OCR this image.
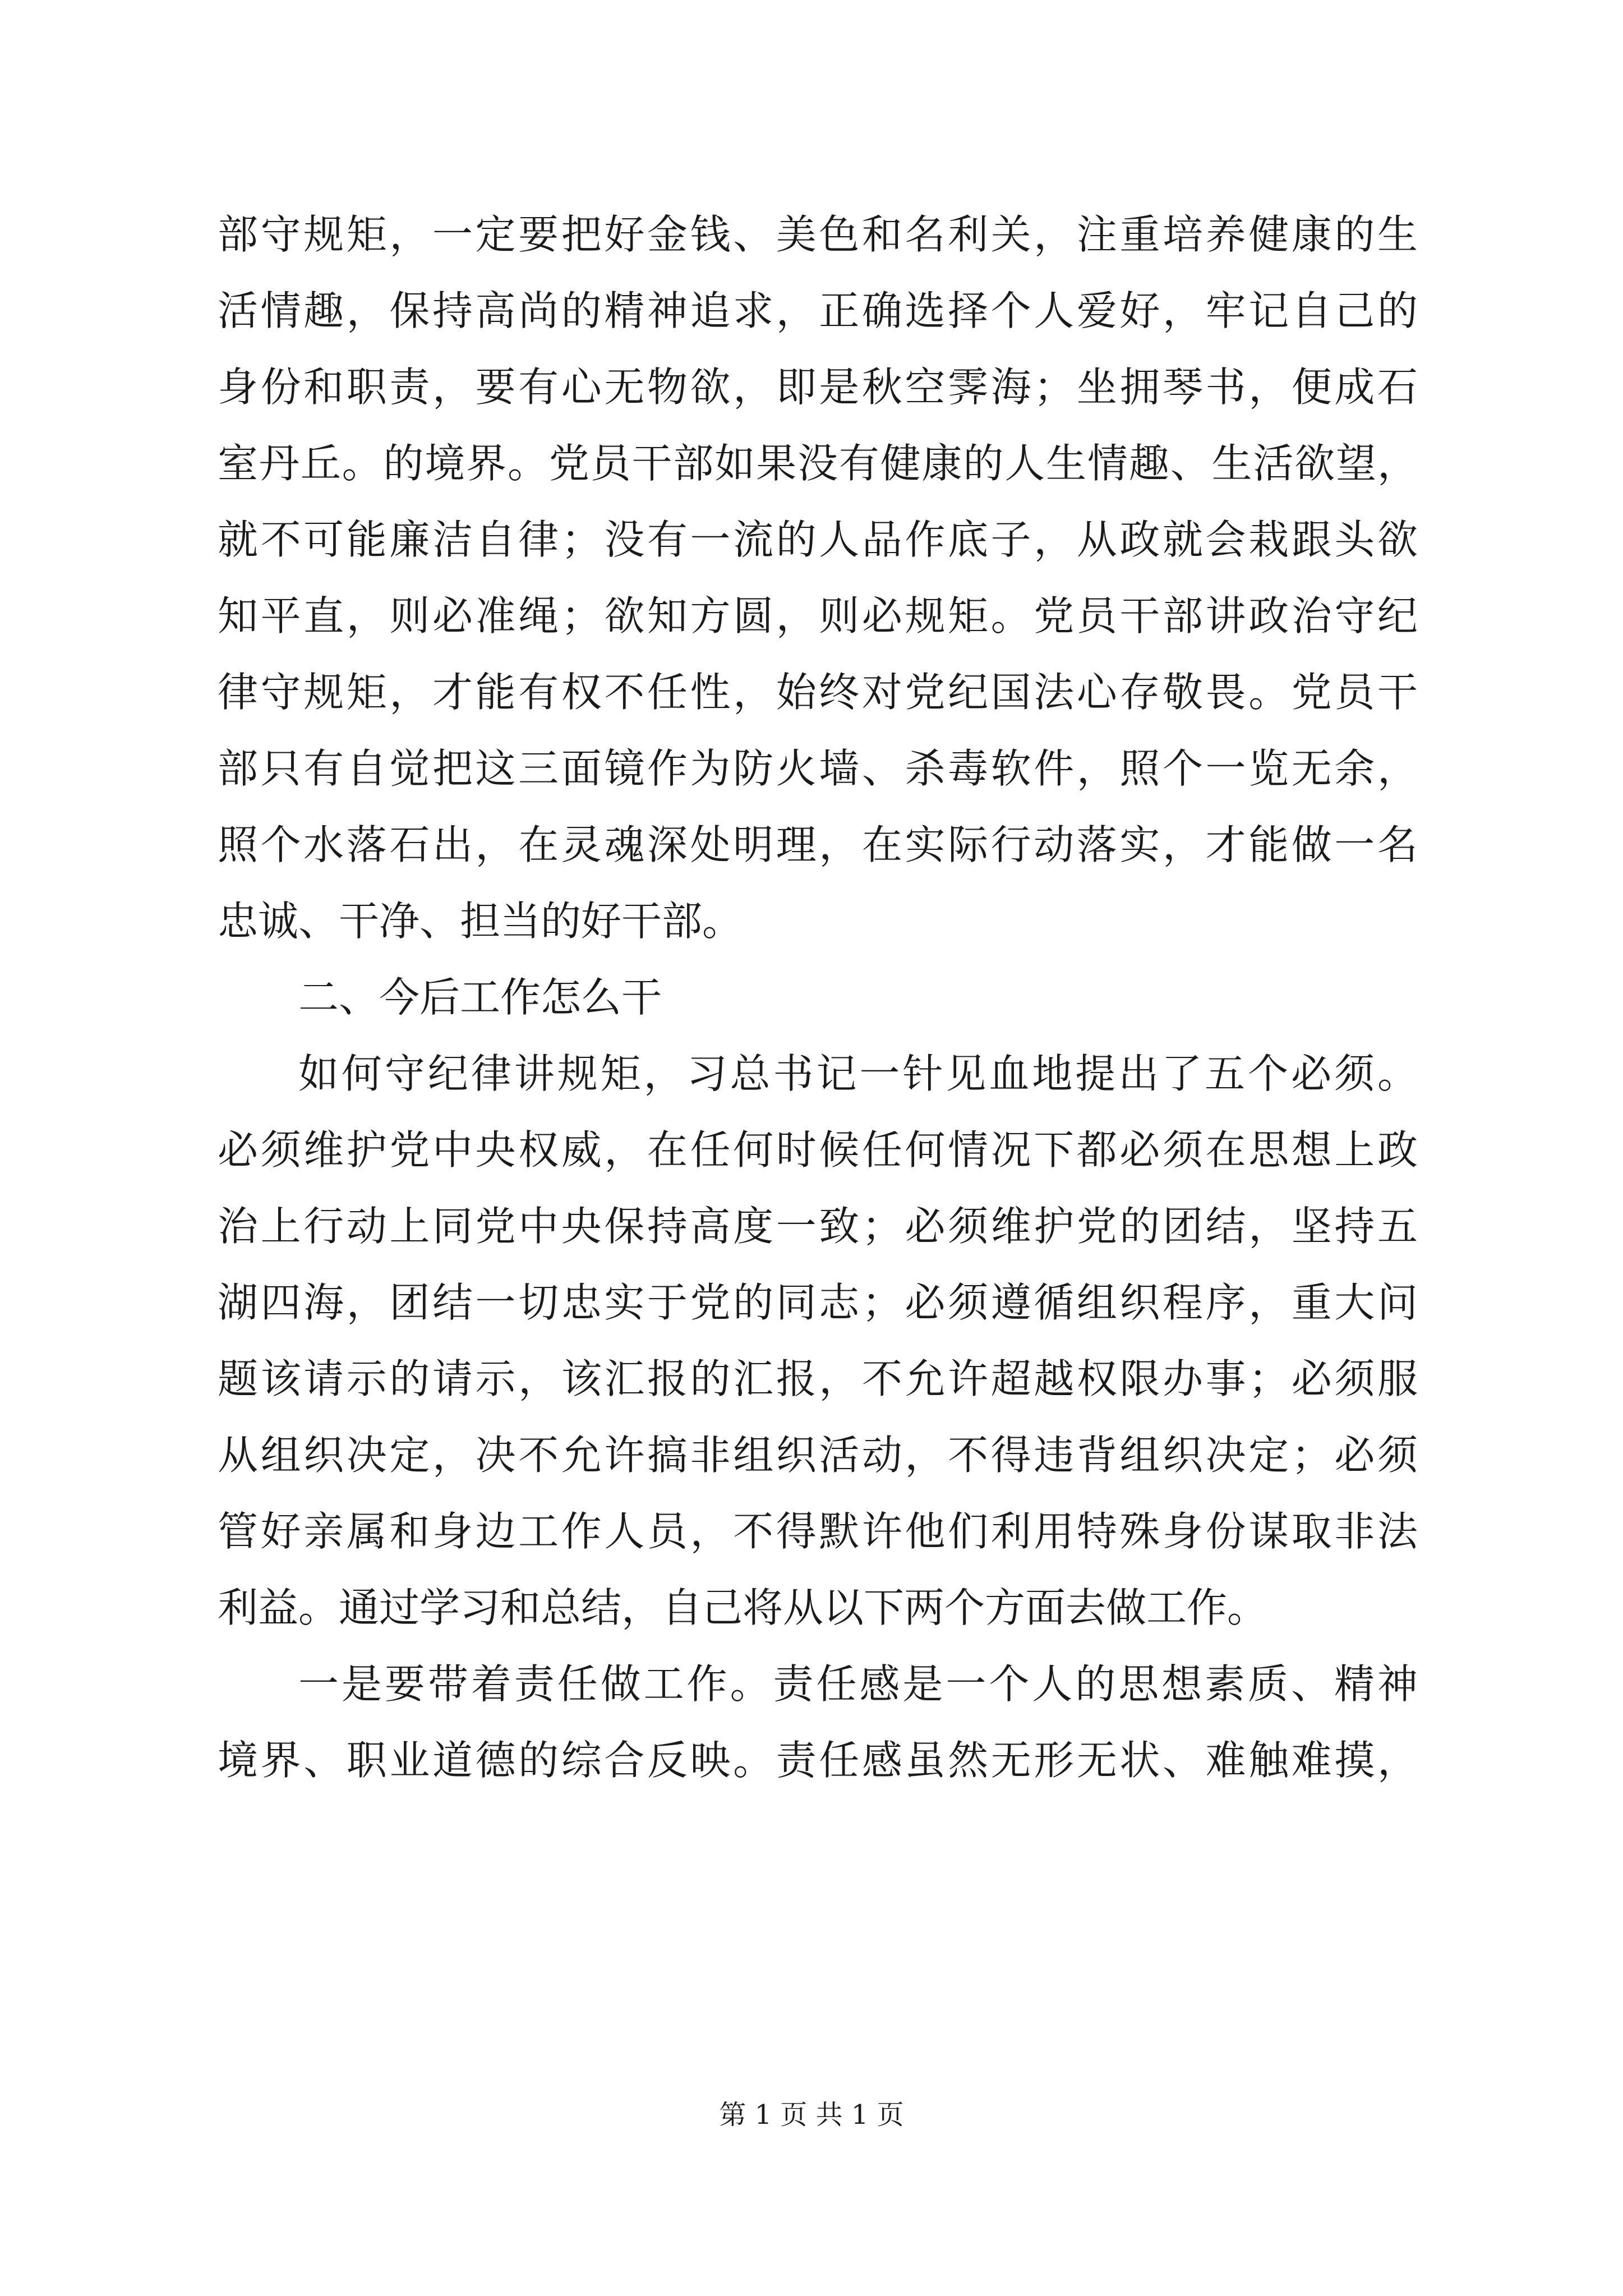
部守规矩，一定要把好金钱、美色和名利关，注重培养健康的生
活情趣，保持高尚的精神追求，正确选择个人爱好，牢记自己的
身份和职责，要有心无物欲，即是秋空霁海；坐拥琴书，便成石
室丹丘。的境界。党员干部如果没有健康的人生情趣、生活欲望，
就不可能廉洁自律；没有一流的人品作底子，从政就会栽跟头欲
知平直，则必准绳；欲知方圆，则必规矩。党员干部讲政治守纪
律守规矩，才能有权不任性，始终对党纪国法心存敬畏。党员干
部只有自觉把这三面镜作为防火墙、杀毒软件，照个一览无余，
照个水落石出，在灵魂深处明理，在实际行动落实，才能做一名
忠诚、干净、担当的好干部。
二、今后工作怎么干
如何守纪律讲规矩，习总书记一针见血地提出了五个必须。
必须维护党中央权威，在任何时候任何情况下都必须在思想上政
治上行动上同党中央保持高度一致；必须维护党的团结，坚持五
湖四海，团结一切忠实于党的同志；必须遵循组织程序，重大问
题该请示的请示，该汇报的汇报，不允许超越权限办事；必须服
从组织决定，决不允许搞非组织活动，不得违背组织决定；必须
管好亲属和身边工作人员，不得默许他们利用特殊身份谋取非法
利益。通过学习和总结，自己将从以下两个方面去做工作。
一是要带着责任做工作。责任感是一个人的思想素质、精神
境界、职业道德的综合反映。责任感虽然无形无状、难触难摸，
第 1 页 共 1 页
